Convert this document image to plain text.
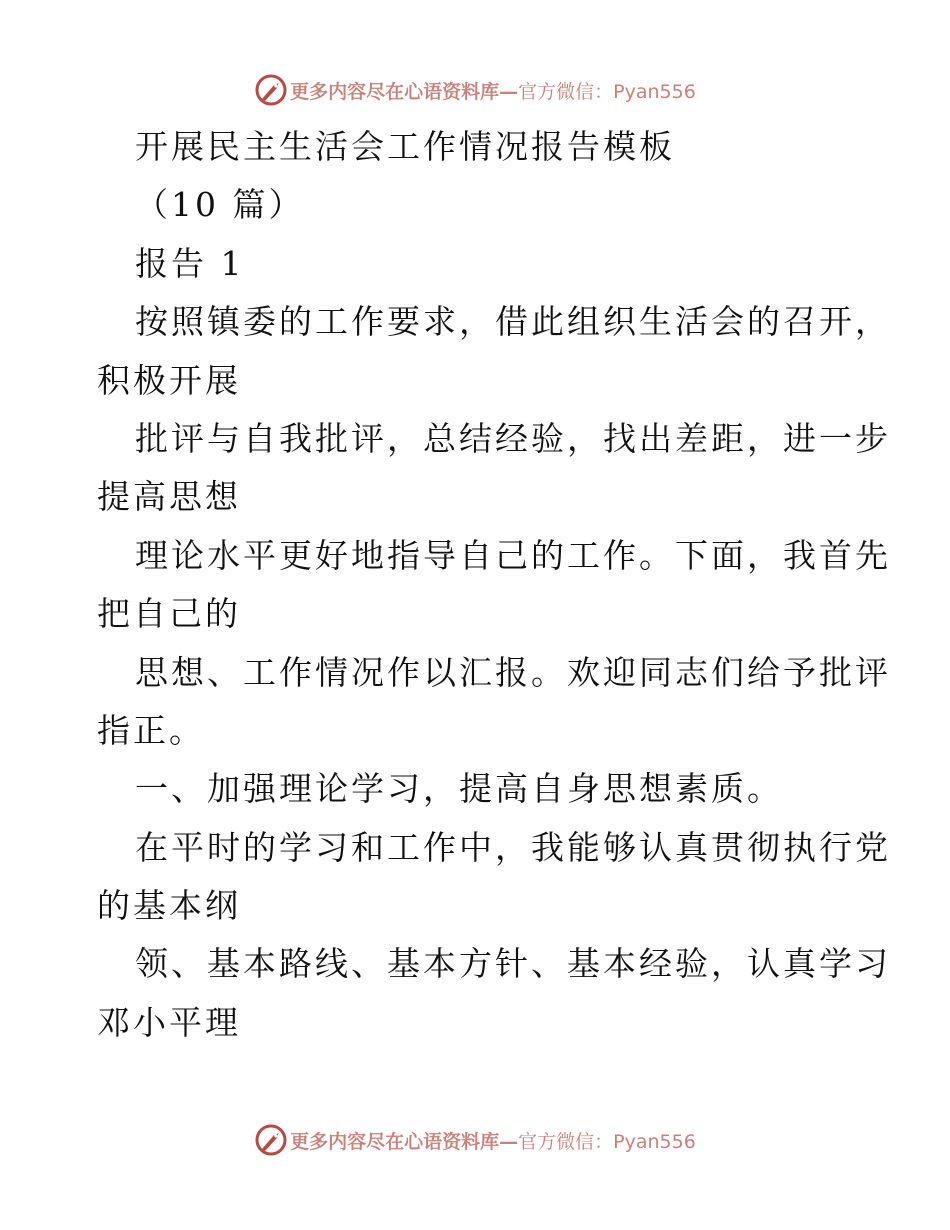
更多内容尽在心语资料库— 官方微信：Pyan556
开展民主生活会工作情况报告模板
（10 篇）
报告 1
按照镇委的工作要求，借此组织生活会的召开，
积极开展
批评与自我批评，总结经验，找出差距，进一步
提高思想
理论水平更好地指导自己的工作。下面，我首先
把自己的
思想、工作情况作以汇报。欢迎同志们给予批评
指正。
一、加强理论学习，提高自身思想素质。
在平时的学习和工作中，我能够认真贯彻执行党
的基本纲
领、基本路线、基本方针、基本经验，认真学习
邓小平理
更多内容尽在心语资料库— 官方微信：Pyan556
